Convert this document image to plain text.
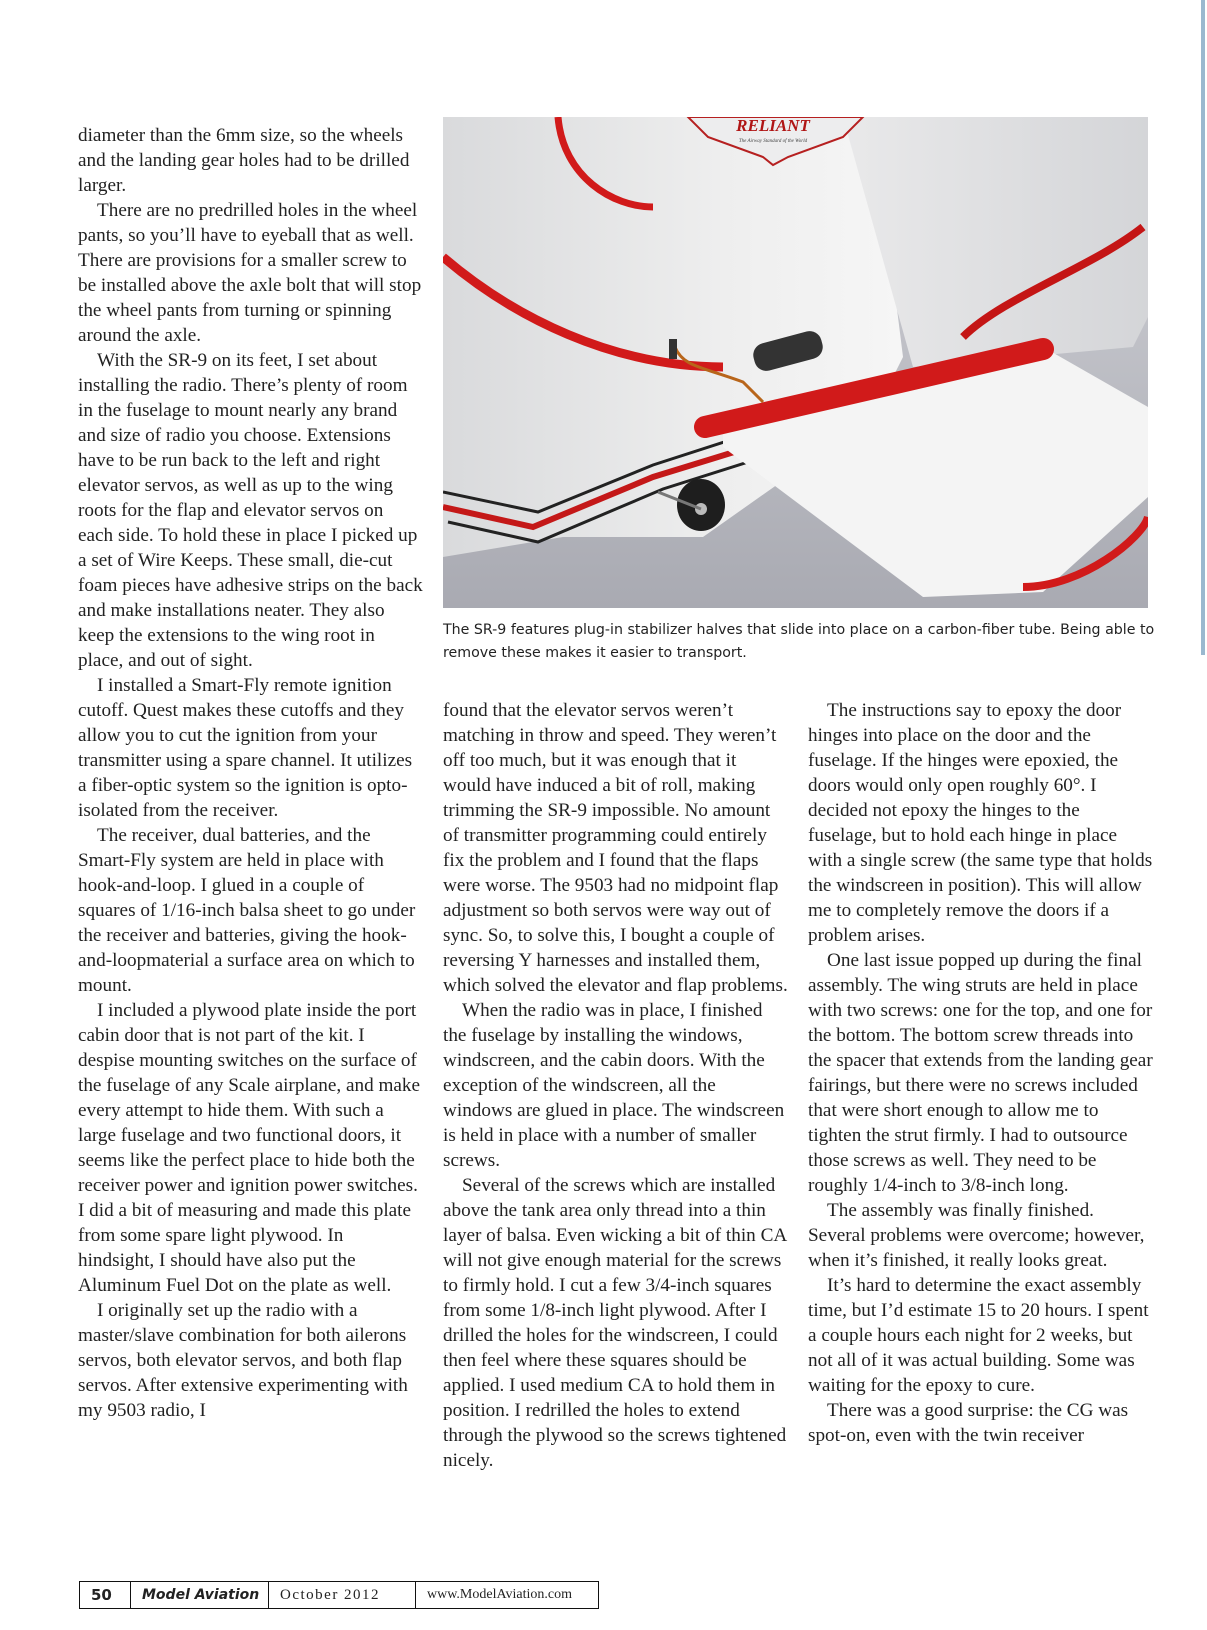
diameter than the 6mm size, so the wheels and the landing gear holes had to be drilled larger.

There are no predrilled holes in the wheel pants, so you’ll have to eyeball that as well. There are provisions for a smaller screw to be installed above the axle bolt that will stop the wheel pants from turning or spinning around the axle.

With the SR-9 on its feet, I set about installing the radio. There’s plenty of room in the fuselage to mount nearly any brand and size of radio you choose. Extensions have to be run back to the left and right elevator servos, as well as up to the wing roots for the flap and elevator servos on each side. To hold these in place I picked up a set of Wire Keeps. These small, die-cut foam pieces have adhesive strips on the back and make installations neater. They also keep the extensions to the wing root in place, and out of sight.

I installed a Smart-Fly remote ignition cutoff. Quest makes these cutoffs and they allow you to cut the ignition from your transmitter using a spare channel. It utilizes a fiber-optic system so the ignition is opto-isolated from the receiver.

The receiver, dual batteries, and the Smart-Fly system are held in place with hook-and-loop. I glued in a couple of squares of 1/16-inch balsa sheet to go under the receiver and batteries, giving the hook-and-loopmaterial a surface area on which to mount.

I included a plywood plate inside the port cabin door that is not part of the kit. I despise mounting switches on the surface of the fuselage of any Scale airplane, and make every attempt to hide them. With such a large fuselage and two functional doors, it seems like the perfect place to hide both the receiver power and ignition power switches. I did a bit of measuring and made this plate from some spare light plywood. In hindsight, I should have also put the Aluminum Fuel Dot on the plate as well.

I originally set up the radio with a master/slave combination for both ailerons servos, both elevator servos, and both flap servos. After extensive experimenting with my 9503 radio, I

RELIANT
The Airway Standard of the World
The SR-9 features plug-in stabilizer halves that slide into place on a carbon-fiber tube. Being able to remove these makes it easier to transport.

found that the elevator servos weren’t matching in throw and speed. They weren’t off too much, but it was enough that it would have induced a bit of roll, making trimming the SR-9 impossible. No amount of transmitter programming could entirely fix the problem and I found that the flaps were worse. The 9503 had no midpoint flap adjustment so both servos were way out of sync. So, to solve this, I bought a couple of reversing Y harnesses and installed them, which solved the elevator and flap problems.

When the radio was in place, I finished the fuselage by installing the windows, windscreen, and the cabin doors. With the exception of the windscreen, all the windows are glued in place. The windscreen is held in place with a number of smaller screws.

Several of the screws which are installed above the tank area only thread into a thin layer of balsa. Even wicking a bit of thin CA will not give enough material for the screws to firmly hold. I cut a few 3/4-inch squares from some 1/8-inch light plywood. After I drilled the holes for the windscreen, I could then feel where these squares should be applied. I used medium CA to hold them in position. I redrilled the holes to extend through the plywood so the screws tightened nicely.

The instructions say to epoxy the door hinges into place on the door and the fuselage. If the hinges were epoxied, the doors would only open roughly 60°. I decided not epoxy the hinges to the fuselage, but to hold each hinge in place with a single screw (the same type that holds the windscreen in position). This will allow me to completely remove the doors if a problem arises.

One last issue popped up during the final assembly. The wing struts are held in place with two screws: one for the top, and one for the bottom. The bottom screw threads into the spacer that extends from the landing gear fairings, but there were no screws included that were short enough to allow me to tighten the strut firmly. I had to outsource those screws as well. They need to be roughly 1/4-inch to 3/8-inch long.

The assembly was finally finished. Several problems were overcome; however, when it’s finished, it really looks great.

It’s hard to determine the exact assembly time, but I’d estimate 15 to 20 hours. I spent a couple hours each night for 2 weeks, but not all of it was actual building. Some was waiting for the epoxy to cure.

There was a good surprise: the CG was spot-on, even with the twin receiver

50	Model Aviation	October 2012	www.ModelAviation.com
